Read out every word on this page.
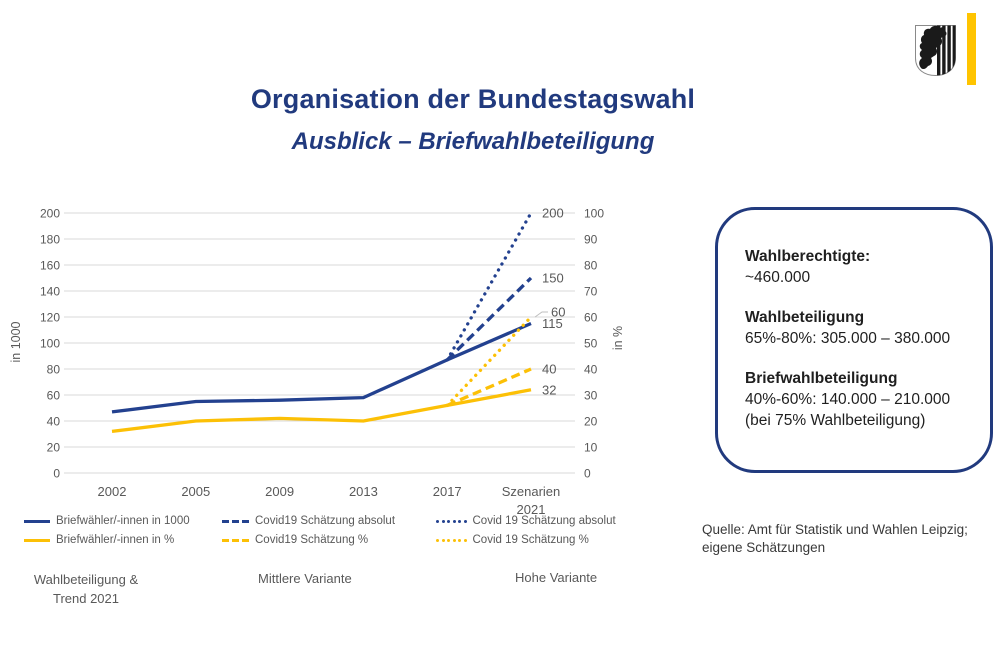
Organisation der Bundestagswahl
Ausblick – Briefwahlbeteiligung
0
20
40
60
80
100
120
140
160
180
200
0
10
20
30
40
50
60
70
80
90
100
in 1000	in %
2002	2005	2009	2013	2017	Szenarien
2021
115
150
200
32
40
60
Briefwähler/-innen in 1000	Covid19 Schätzung absolut	Covid 19 Schätzung absolut
Briefwähler/-innen in %	Covid19 Schätzung %	Covid 19 Schätzung %
Wahlbeteiligung &
Trend 2021
Mittlere Variante	Hohe Variante

Wahlberechtigte:

~460.000

Wahlbeteiligung

65%-80%: 305.000 – 380.000

Briefwahlbeteiligung

40%-60%: 140.000 – 210.000

(bei 75% Wahlbeteiligung)

Quelle: Amt für Statistik und Wahlen Leipzig;
eigene Schätzungen
